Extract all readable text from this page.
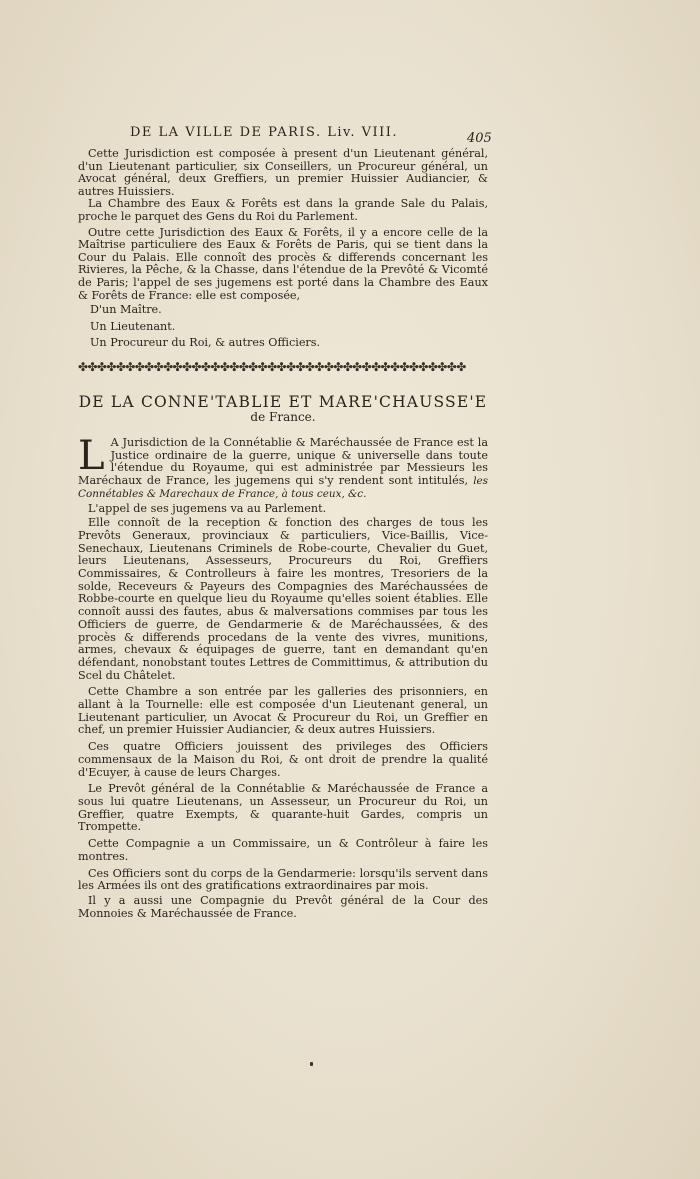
DE LA VILLE DE PARIS. Liv. VIII.	405

Cette Jurisdiction est composée à present d'un Lieutenant général, d'un Lieutenant particulier, six Conseillers, un Procureur général, un Avocat général, deux Greffiers, un premier Huissier Audiancier, & autres Huissiers.

La Chambre des Eaux & Forêts est dans la grande Sale du Palais, proche le parquet des Gens du Roi du Parlement.

Outre cette Jurisdiction des Eaux & Forêts, il y a encore celle de la Maîtrise particuliere des Eaux & Forêts de Paris, qui se tient dans la Cour du Palais. Elle connoît des procès & differends concernant les Rivieres, la Pêche, & la Chasse, dans l'étendue de la Prevôté & Vicomté de Paris; l'appel de ses jugemens est porté dans la Chambre des Eaux & Forêts de France: elle est composée,

D'un Maître.

Un Lieutenant.

Un Procureur du Roi, & autres Officiers.

✤✤✤✤✤✤✤✤✤✤✤✤✤✤✤✤✤✤✤✤✤✤✤✤✤✤✤✤✤✤✤✤✤✤✤✤✤✤✤✤✤
DE LA CONNE'TABLIE ET MARE'CHAUSSE'E
de France.

L A Jurisdiction de la Connétablie & Maréchaussée de France est la Justice ordinaire de la guerre, unique & universelle dans toute l'étendue du Royaume, qui est administrée par Messieurs les Maréchaux de France, les jugemens qui s'y rendent sont intitulés, les Connétables & Marechaux de France, à tous ceux, &c.

L'appel de ses jugemens va au Parlement.

Elle connoît de la reception & fonction des charges de tous les Prevôts Generaux, provinciaux & particuliers, Vice-Baillis, Vice-Senechaux, Lieutenans Criminels de Robe-courte, Chevalier du Guet, leurs Lieutenans, Assesseurs, Procureurs du Roi, Greffiers Commissaires, & Controlleurs à faire les montres, Tresoriers de la solde, Receveurs & Payeurs des Compagnies des Maréchaussées de Robbe-courte en quelque lieu du Royaume qu'elles soient établies. Elle connoît aussi des fautes, abus & malversations commises par tous les Officiers de guerre, de Gendarmerie & de Maréchaussées, & des procès & differends procedans de la vente des vivres, munitions, armes, chevaux & équipages de guerre, tant en demandant qu'en défendant, nonobstant toutes Lettres de Committimus, & attribution du Scel du Châtelet.

Cette Chambre a son entrée par les galleries des prisonniers, en allant à la Tournelle: elle est composée d'un Lieutenant general, un Lieutenant particulier, un Avocat & Procureur du Roi, un Greffier en chef, un premier Huissier Audiancier, & deux autres Huissiers.

Ces quatre Officiers jouissent des privileges des Officiers commensaux de la Maison du Roi, & ont droit de prendre la qualité d'Ecuyer, à cause de leurs Charges.

Le Prevôt général de la Connétablie & Maréchaussée de France a sous lui quatre Lieutenans, un Assesseur, un Procureur du Roi, un Greffier, quatre Exempts, & quarante-huit Gardes, compris un Trompette.

Cette Compagnie a un Commissaire, un & Contrôleur à faire les montres.

Ces Officiers sont du corps de la Gendarmerie: lorsqu'ils servent dans les Armées ils ont des gratifications extraordinaires par mois.

Il y a aussi une Compagnie du Prevôt général de la Cour des Monnoies & Maréchaussée de France.
